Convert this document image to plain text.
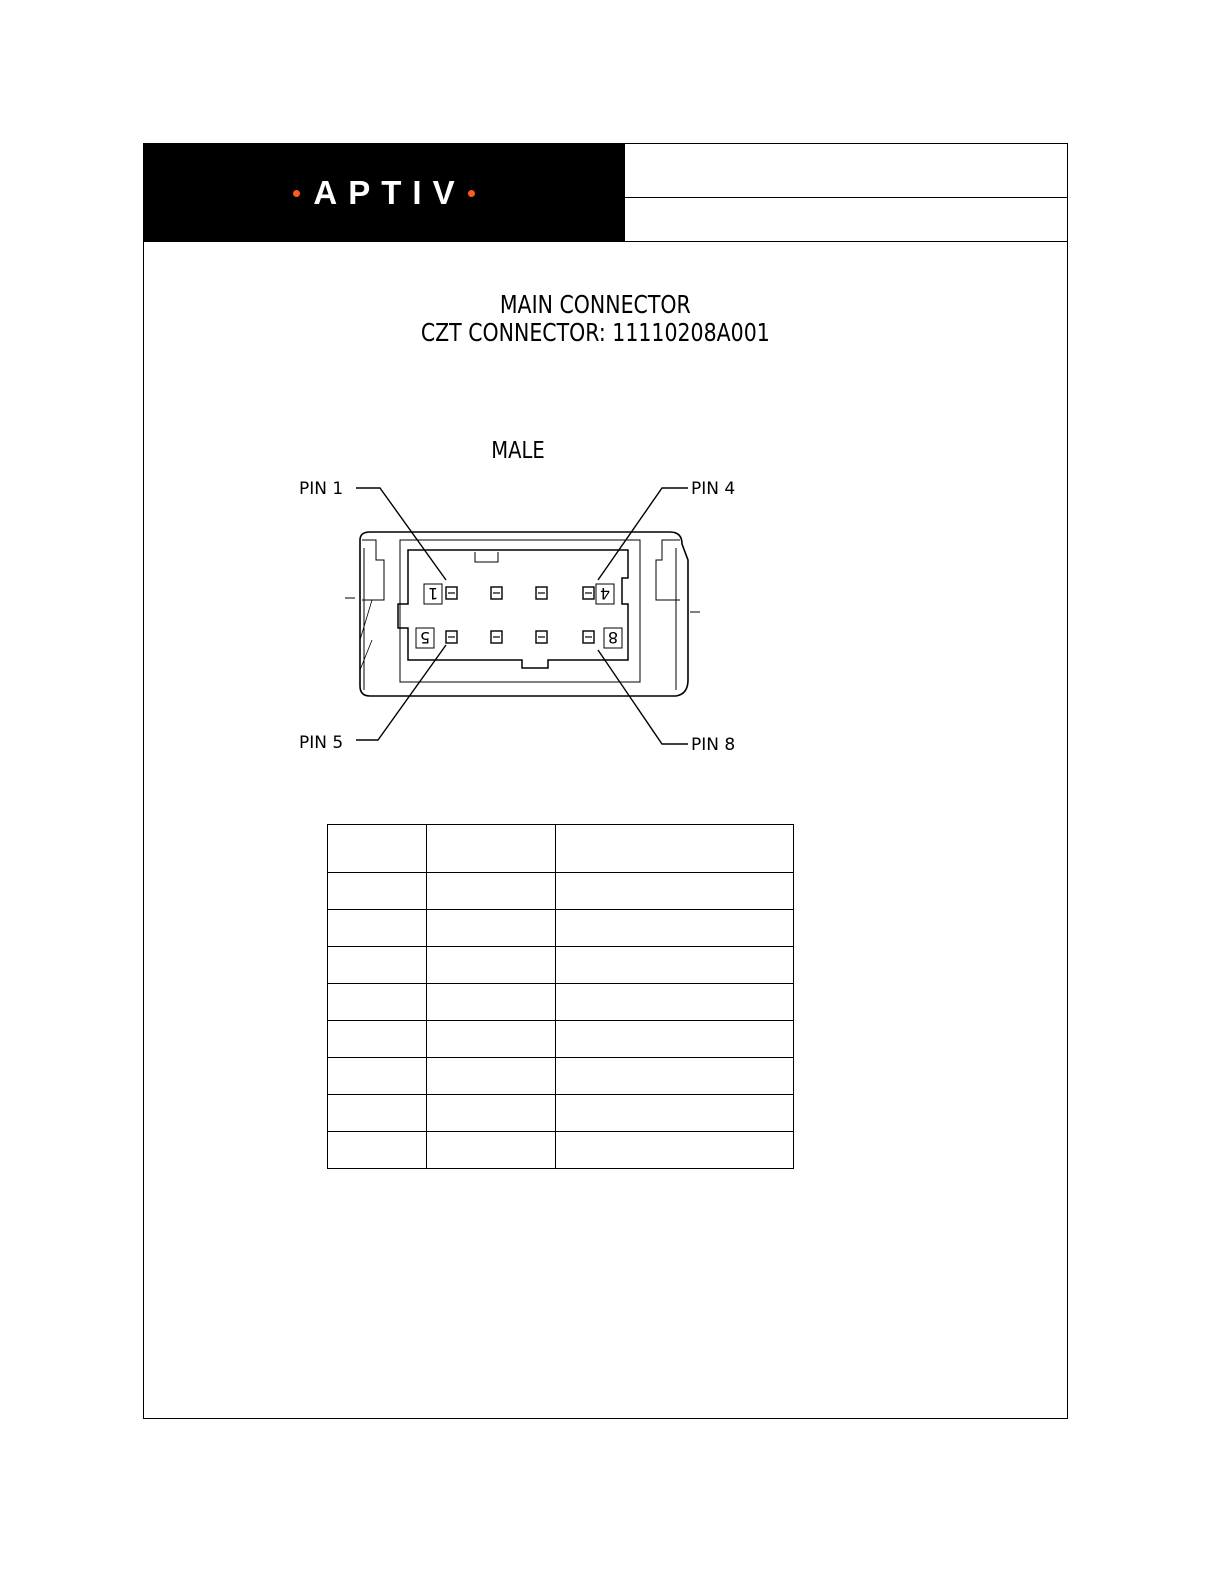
APTIV
MAIN CONNECTOR
CZT CONNECTOR: 11110208A001
MALE
PIN 1	PIN 4
PIN 5	PIN 8
1	4
5	8
